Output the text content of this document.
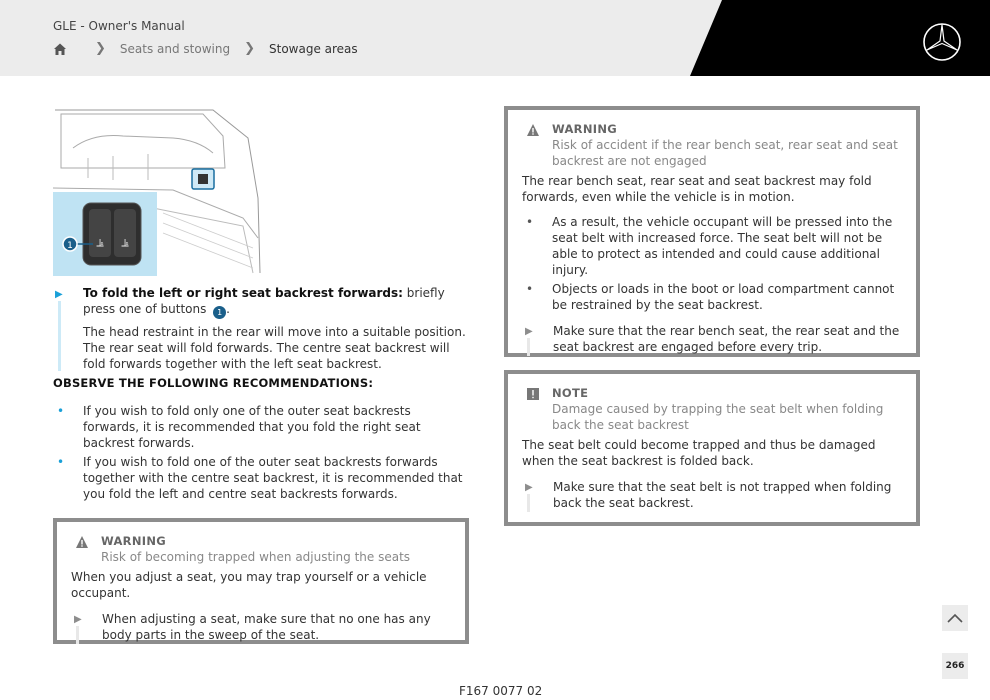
GLE - Owner's Manual
❯ Seats and stowing ❯ Stowage areas
⫡ ⫡
1
▶ To fold the left or right seat backrest forwards: briefly press one of buttons 1 .

The head restraint in the rear will move into a suitable position. The rear seat will fold forwards. The centre seat backrest will fold forwards together with the left seat backrest.

OBSERVE THE FOLLOWING RECOMMENDATIONS:
• If you wish to fold only one of the outer seat backrests forwards, it is recommended that you fold the right seat backrest forwards.
• If you wish to fold one of the outer seat backrests forwards together with the centre seat backrest, it is recommended that you fold the left and centre seat backrests forwards.
WARNING
Risk of becoming trapped when adjusting the seats

When you adjust a seat, you may trap yourself or a vehicle occupant.

▶ When adjusting a seat, make sure that no one has any body parts in the sweep of the seat.
WARNING
Risk of accident if the rear bench seat, rear seat and seat backrest are not engaged

The rear bench seat, rear seat and seat backrest may fold forwards, even while the vehicle is in motion.

• As a result, the vehicle occupant will be pressed into the seat belt with increased force. The seat belt will not be able to protect as intended and could cause additional injury.
• Objects or loads in the boot or load compartment cannot be restrained by the seat backrest.
▶ Make sure that the rear bench seat, the rear seat and the seat backrest are engaged before every trip.
NOTE
Damage caused by trapping the seat belt when folding back the seat backrest

The seat belt could become trapped and thus be damaged when the seat backrest is folded back.

▶ Make sure that the seat belt is not trapped when folding back the seat backrest.
F167 0077 02
266
